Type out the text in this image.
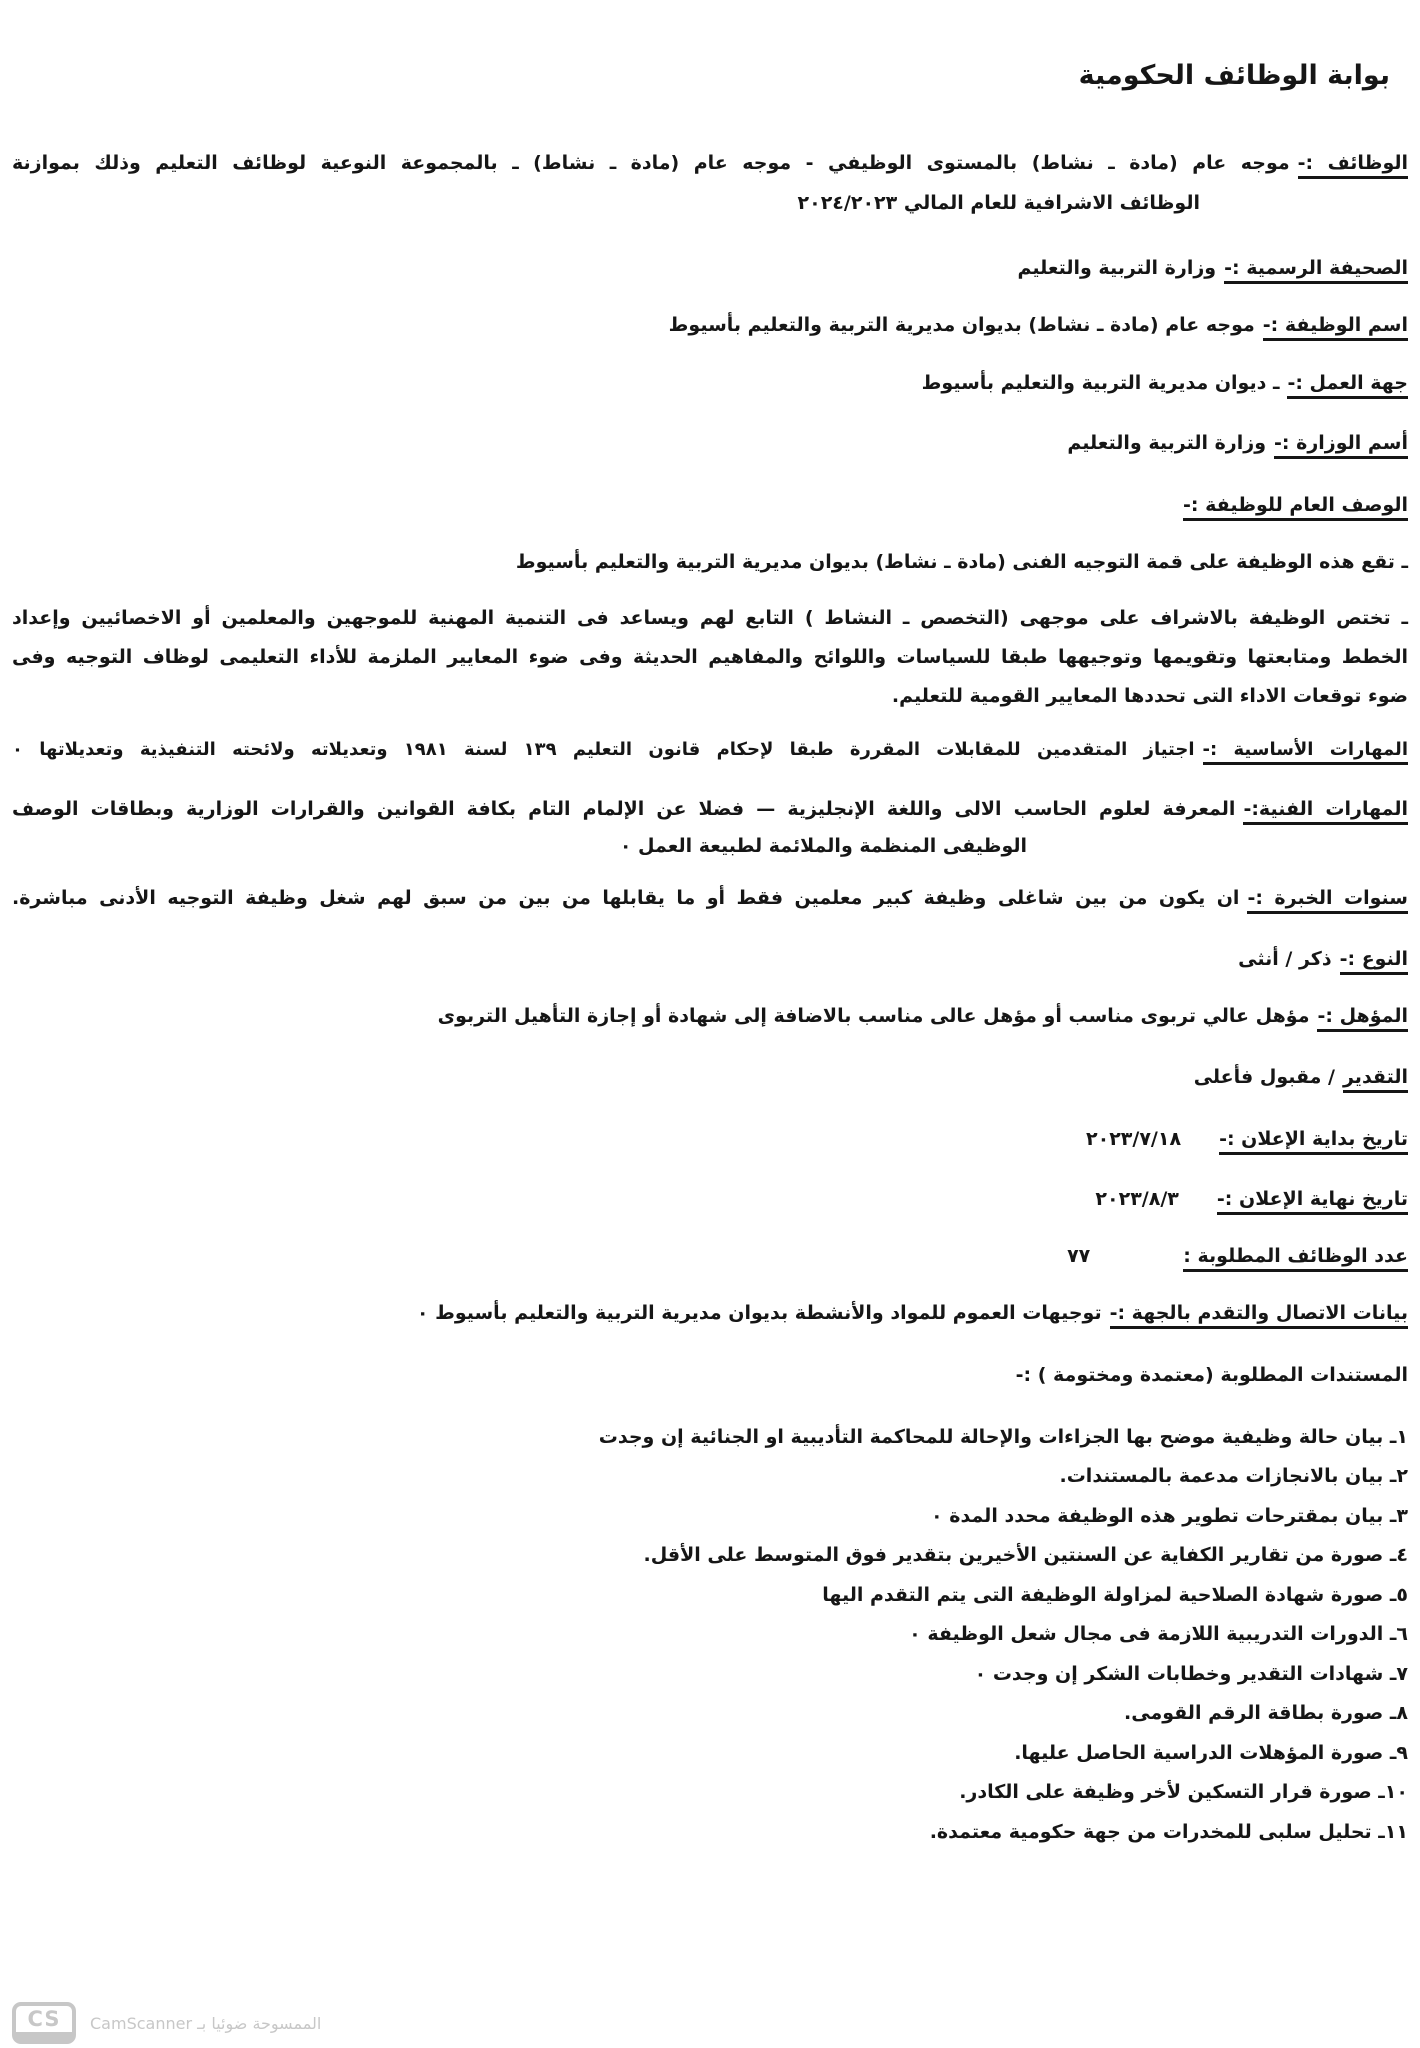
بوابة الوظائف الحكومية
الوظائف :-موجه عام (مادة ـ نشاط) بالمستوى الوظيفي - موجه عام (مادة ـ نشاط) ـ بالمجموعة النوعية لوظائف التعليم وذلك بموازنة
الوظائف الاشرافية للعام المالي ٢٠٢٤/٢٠٢٣
الصحيفة الرسمية :-وزارة التربية والتعليم
اسم الوظيفة :-موجه عام (مادة ـ نشاط) بديوان مديرية التربية والتعليم بأسيوط
جهة العمل :-ـ ديوان مديرية التربية والتعليم بأسيوط
أسم الوزارة :-وزارة التربية والتعليم
الوصف العام للوظيفة :-
ـ تقع هذه الوظيفة على قمة التوجيه الفنى (مادة ـ نشاط) بديوان مديرية التربية والتعليم بأسيوط
ـ تختص الوظيفة بالاشراف على موجهى (التخصص ـ النشاط ) التابع لهم ويساعد فى التنمية المهنية للموجهين والمعلمين أو الاخصائيين وإعداد
الخطط ومتابعتها وتقويمها وتوجيهها طبقا للسياسات واللوائح والمفاهيم الحديثة وفى ضوء المعايير الملزمة للأداء التعليمى لوظاف التوجيه وفى
ضوء توقعات الاداء التى تحددها المعايير القومية للتعليم.
المهارات الأساسية :-اجتياز المتقدمين للمقابلات المقررة طبقا لإحكام قانون التعليم ١٣٩ لسنة ١٩٨١ وتعديلاته ولائحته التنفيذية وتعديلاتها ٠
المهارات الفنية:-المعرفة لعلوم الحاسب الالى واللغة الإنجليزية — فضلا عن الإلمام التام بكافة القوانين والقرارات الوزارية وبطاقات الوصف
الوظيفى المنظمة والملائمة لطبيعة العمل ٠
سنوات الخبرة :-ان يكون من بين شاغلى وظيفة كبير معلمين فقط أو ما يقابلها من بين من سبق لهم شغل وظيفة التوجيه الأدنى مباشرة.
النوع :-ذكر / أنثى
المؤهل :-مؤهل عالي تربوى مناسب أو مؤهل عالى مناسب بالاضافة إلى شهادة أو إجازة التأهيل التربوى
التقدير/ مقبول فأعلى
تاريخ بداية الإعلان :-٢٠٢٣/٧/١٨
تاريخ نهاية الإعلان :-٢٠٢٣/٨/٣
عدد الوظائف المطلوبة :٧٧
بيانات الاتصال والتقدم بالجهة :-توجيهات العموم للمواد والأنشطة بديوان مديرية التربية والتعليم بأسيوط ٠
المستندات المطلوبة (معتمدة ومختومة ) :-
١ـ بيان حالة وظيفية موضح بها الجزاءات والإحالة للمحاكمة التأديبية او الجنائية إن وجدت
٢ـ بيان بالانجازات مدعمة بالمستندات.
٣ـ بيان بمقترحات تطوير هذه الوظيفة محدد المدة ٠
٤ـ صورة من تقارير الكفاية عن السنتين الأخيرين بتقدير فوق المتوسط على الأقل.
٥ـ صورة شهادة الصلاحية لمزاولة الوظيفة التى يتم التقدم اليها
٦ـ الدورات التدريبية اللازمة فى مجال شعل الوظيفة ٠
٧ـ شهادات التقدير وخطابات الشكر إن وجدت ٠
٨ـ صورة بطاقة الرقم القومى.
٩ـ صورة المؤهلات الدراسية الحاصل عليها.
١٠ـ صورة قرار التسكين لأخر وظيفة على الكادر.
١١ـ تحليل سلبى للمخدرات من جهة حكومية معتمدة.
CS	الممسوحة ضوئيا بـ CamScanner
